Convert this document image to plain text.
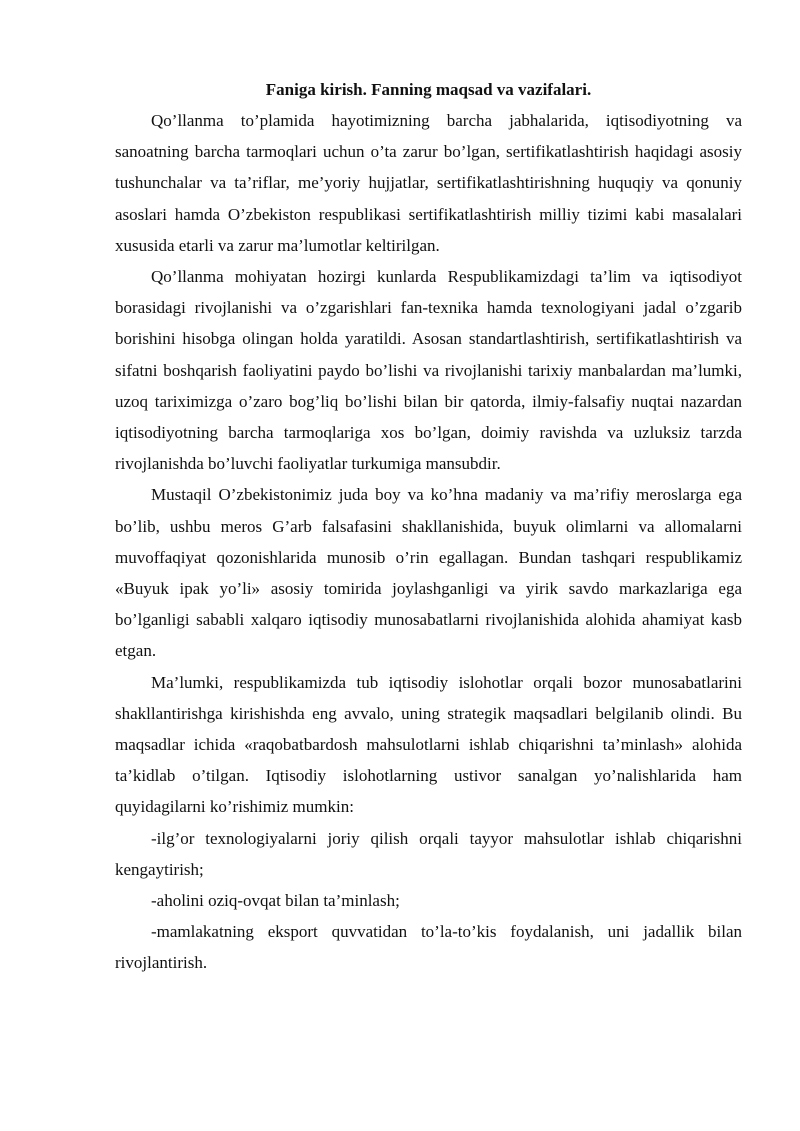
Faniga kirish. Fanning maqsad va vazifalari.

Qo’llanma to’plamida hayotimizning barcha jabhalarida, iqtisodiyotning va sanoatning barcha tarmoqlari uchun o’ta zarur bo’lgan, sertifikatlashtirish haqidagi asosiy tushunchalar va ta’riflar, me’yoriy hujjatlar, sertifikatlashtirishning huquqiy va qonuniy asoslari hamda O’zbekiston respublikasi sertifikatlashtirish milliy tizimi kabi masalalari xususida etarli va zarur ma’lumotlar keltirilgan.

Qo’llanma mohiyatan hozirgi kunlarda Respublikamizdagi ta’lim va iqtisodiyot borasidagi rivojlanishi va o’zgarishlari fan-texnika hamda texnologiyani jadal o’zgarib borishini hisobga olingan holda yaratildi. Asosan standartlashtirish, sertifikatlashtirish va sifatni boshqarish faoliyatini paydo bo’lishi va rivojlanishi tarixiy manbalardan ma’lumki, uzoq tariximizga o’zaro bog’liq bo’lishi bilan bir qatorda, ilmiy-falsafiy nuqtai nazardan iqtisodiyotning barcha tarmoqlariga xos bo’lgan, doimiy ravishda va uzluksiz tarzda rivojlanishda bo’luvchi faoliyatlar turkumiga mansubdir.

Mustaqil O’zbekistonimiz juda boy va ko’hna madaniy va ma’rifiy meroslarga ega bo’lib, ushbu meros G’arb falsafasini shakllanishida, buyuk olimlarni va allomalarni muvoffaqiyat qozonishlarida munosib o’rin egallagan. Bundan tashqari respublikamiz «Buyuk ipak yo’li» asosiy tomirida joylashganligi va yirik savdo markazlariga ega bo’lganligi sababli xalqaro iqtisodiy munosabatlarni rivojlanishida alohida ahamiyat kasb etgan.

Ma’lumki, respublikamizda tub iqtisodiy islohotlar orqali bozor munosabatlarini shakllantirishga kirishishda eng avvalo, uning strategik maqsadlari belgilanib olindi. Bu maqsadlar ichida «raqobatbardosh mahsulotlarni ishlab chiqarishni ta’minlash» alohida ta’kidlab o’tilgan. Iqtisodiy islohotlarning ustivor sanalgan yo’nalishlarida ham quyidagilarni ko’rishimiz mumkin:

-ilg’or texnologiyalarni joriy qilish orqali tayyor mahsulotlar ishlab chiqarishni kengaytirish;

-aholini oziq-ovqat bilan ta’minlash;

-mamlakatning eksport quvvatidan to’la-to’kis foydalanish, uni jadallik bilan rivojlantirish.
